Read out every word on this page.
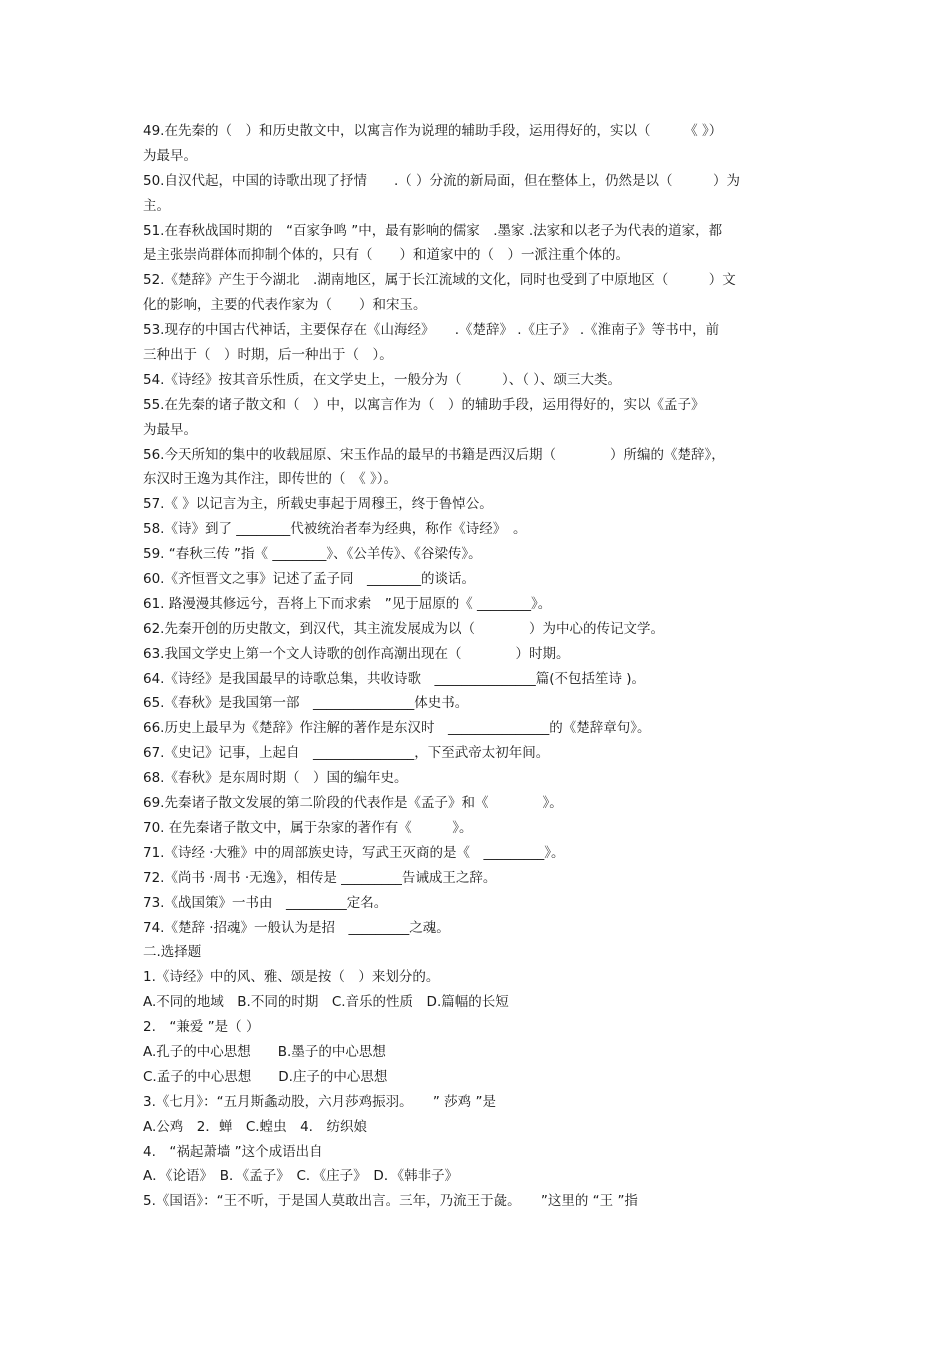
49.在先秦的（　）和历史散文中，以寓言作为说理的辅助手段，运用得好的，实以（　　　《 》）
为最早。
50.自汉代起，中国的诗歌出现了抒情　　.（ ）分流的新局面，但在整体上，仍然是以（　　　）为
主。
51.在春秋战国时期的　“百家争鸣 ”中，最有影响的儒家　.墨家 .法家和以老子为代表的道家，都
是主张崇尚群体而抑制个体的，只有（　　）和道家中的（　）一派注重个体的。
52.《楚辞》产生于今湖北　.湖南地区，属于长江流域的文化，同时也受到了中原地区（　　　）文
化的影响，主要的代表作家为（　　）和宋玉。
53.现存的中国古代神话，主要保存在《山海经》　　.《楚辞》 .《庄子》 .《淮南子》等书中，前
三种出于（　）时期，后一种出于（　）。
54.《诗经》按其音乐性质，在文学史上，一般分为（　　　）、（ ）、颂三大类。
55.在先秦的诸子散文和（　）中，以寓言作为（　）的辅助手段，运用得好的，实以《孟子》
为最早。
56.今天所知的集中的收载屈原、宋玉作品的最早的书籍是西汉后期（　　　　）所编的《楚辞》，
东汉时王逸为其作注，即传世的（　《 》）。
57.《 》以记言为主，所载史事起于周穆王，终于鲁悼公。
58.《诗》到了 ________代被统治者奉为经典，称作《诗经》　。
59. “春秋三传 ”指《 ________》、《公羊传》、《谷梁传》。
60.《齐恒晋文之事》记述了孟子同　________的谈话。
61. 路漫漫其修远兮，吾将上下而求索　”见于屈原的《 ________》。
62.先秦开创的历史散文，到汉代，其主流发展成为以（　　　　）为中心的传记文学。
63.我国文学史上第一个文人诗歌的创作高潮出现在（　　　　）时期。
64.《诗经》是我国最早的诗歌总集，共收诗歌　_______________篇(不包括笙诗 )。
65.《春秋》是我国第一部　_______________体史书。
66.历史上最早为《楚辞》作注解的著作是东汉时　_______________的《楚辞章句》。
67.《史记》记事，上起自　_______________，下至武帝太初年间。
68.《春秋》是东周时期（　）国的编年史。
69.先秦诸子散文发展的第二阶段的代表作是《孟子》和《　　　　》。
70. 在先秦诸子散文中，属于杂家的著作有《　　　》。
71.《诗经 ·大雅》中的周部族史诗，写武王灭商的是《　_________》。
72.《尚书 ·周书 ·无逸》，相传是 _________告诫成王之辞。
73.《战国策》一书由　_________定名。
74.《楚辞 ·招魂》一般认为是招　_________之魂。
二.选择题
1.《诗经》中的风、雅、颂是按（　）来划分的。
A.不同的地域　B.不同的时期　C.音乐的性质　D.篇幅的长短
2.　“兼爱 ”是（ ）
A.孔子的中心思想　　B.墨子的中心思想
C.孟子的中心思想　　D.庄子的中心思想
3.《七月》：“五月斯螽动股，六月莎鸡振羽。　　” 莎鸡 ”是
A.公鸡　2．蝉　C.蝗虫　4.　纺织娘
4.　“祸起萧墙 ”这个成语出自
A．《论语》　B．《孟子》　C．《庄子》　D．《韩非子》
5.《国语》：“王不听，于是国人莫敢出言。三年，乃流王于彘。　　”这里的 “王 ”指
